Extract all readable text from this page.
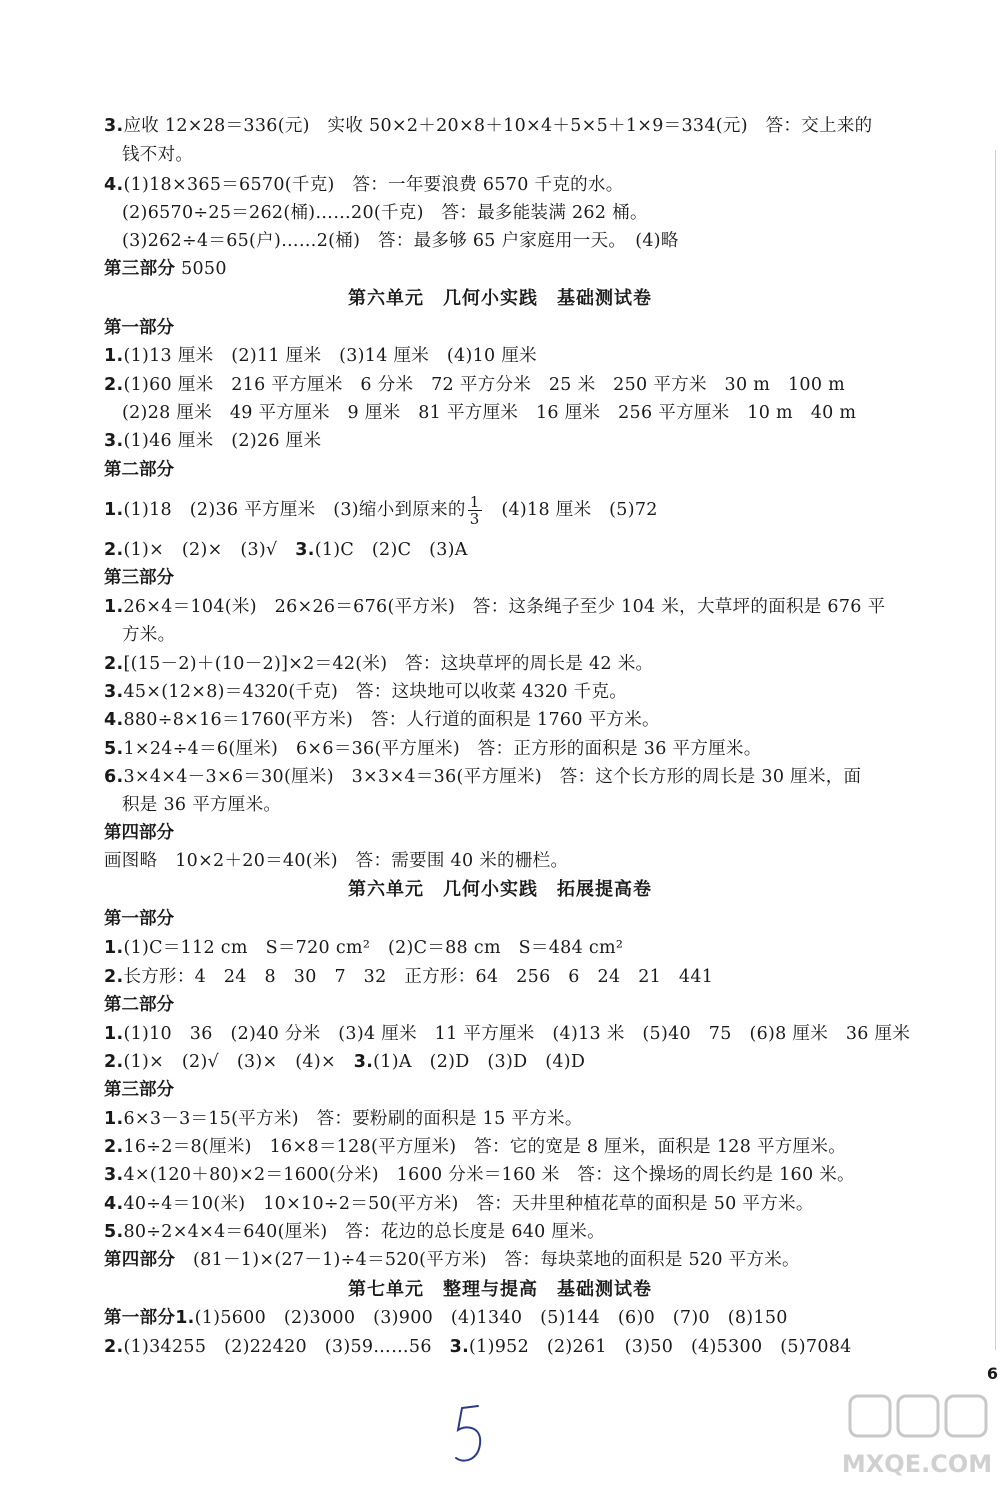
3.应收 12×28＝336(元)　实收 50×2＋20×8＋10×4＋5×5＋1×9＝334(元)　答：交上来的
钱不对。
4.(1)18×365＝6570(千克)　答：一年要浪费 6570 千克的水。
(2)6570÷25＝262(桶)……20(千克)　答：最多能装满 262 桶。
(3)262÷4＝65(户)……2(桶)　答：最多够 65 户家庭用一天。　(4)略
第三部分 5050
第六单元　几何小实践　基础测试卷
第一部分
1.(1)13 厘米　(2)11 厘米　(3)14 厘米　(4)10 厘米
2.(1)60 厘米　216 平方厘米　6 分米　72 平方分米　25 米　250 平方米　30 m　100 m
(2)28 厘米　49 平方厘米　9 厘米　81 平方厘米　16 厘米　256 平方厘米　10 m　40 m
3.(1)46 厘米　(2)26 厘米
第二部分
1.(1)18　(2)36 平方厘米　(3)缩小到原来的 $\frac{1}{3}$ 　(4)18 厘米　(5)72
2.(1)×　(2)×　(3)√　3.(1)C　(2)C　(3)A
第三部分
1.26×4＝104(米)　26×26＝676(平方米)　答：这条绳子至少 104 米，大草坪的面积是 676 平
方米。
2.[(15－2)＋(10－2)]×2＝42(米)　答：这块草坪的周长是 42 米。
3.45×(12×8)＝4320(千克)　答：这块地可以收菜 4320 千克。
4.880÷8×16＝1760(平方米)　答：人行道的面积是 1760 平方米。
5.1×24÷4＝6(厘米)　6×6＝36(平方厘米)　答：正方形的面积是 36 平方厘米。
6.3×4×4－3×6＝30(厘米)　3×3×4＝36(平方厘米)　答：这个长方形的周长是 30 厘米，面
积是 36 平方厘米。
第四部分
画图略　10×2＋20＝40(米)　答：需要围 40 米的栅栏。
第六单元　几何小实践　拓展提高卷
第一部分
1.(1)C＝112 cm　S＝720 cm²　(2)C＝88 cm　S＝484 cm²
2.长方形：4　24　8　30　7　32　正方形：64　256　6　24　21　441
第二部分
1.(1)10　36　(2)40 分米　(3)4 厘米　11 平方厘米　(4)13 米　(5)40　75　(6)8 厘米　36 厘米
2.(1)×　(2)√　(3)×　(4)×　3.(1)A　(2)D　(3)D　(4)D
第三部分
1.6×3－3＝15(平方米)　答：要粉刷的面积是 15 平方米。
2.16÷2＝8(厘米)　16×8＝128(平方厘米)　答：它的宽是 8 厘米，面积是 128 平方厘米。
3.4×(120＋80)×2＝1600(分米)　1600 分米＝160 米　答：这个操场的周长约是 160 米。
4.40÷4＝10(米)　10×10÷2＝50(平方米)　答：天井里种植花草的面积是 50 平方米。
5.80÷2×4×4＝640(厘米)　答：花边的总长度是 640 厘米。
第四部分　(81－1)×(27－1)÷4＝520(平方米)　答：每块菜地的面积是 520 平方米。
第七单元　整理与提高　基础测试卷
第一部分1.(1)5600　(2)3000　(3)900　(4)1340　(5)144　(6)0　(7)0　(8)150
2.(1)34255　(2)22420　(3)59……56　3.(1)952　(2)261　(3)50　(4)5300　(5)7084
6
MXQE.COM
